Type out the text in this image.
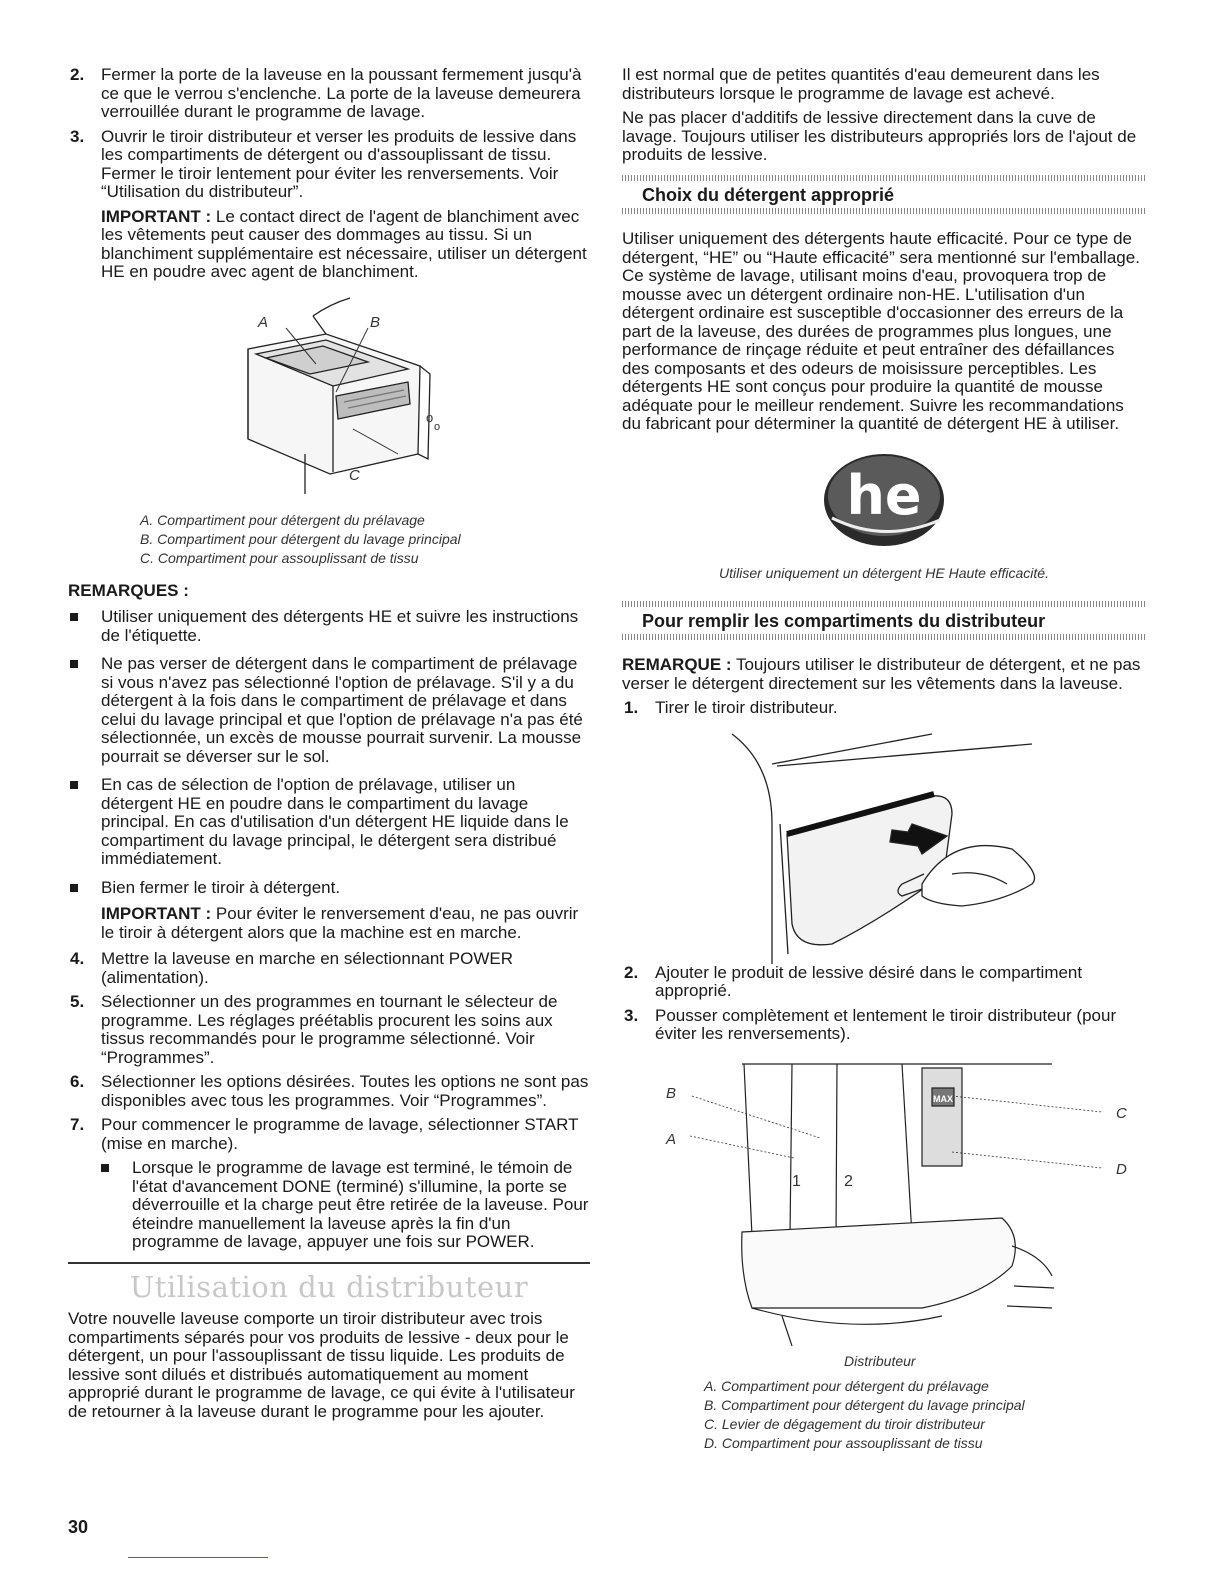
2. Fermer la porte de la laveuse en la poussant fermement jusqu'à ce que le verrou s'enclenche. La porte de la laveuse demeurera verrouillée durant le programme de lavage.
3. Ouvrir le tiroir distributeur et verser les produits de lessive dans les compartiments de détergent ou d'assouplissant de tissu. Fermer le tiroir lentement pour éviter les renversements. Voir “Utilisation du distributeur”.
IMPORTANT : Le contact direct de l'agent de blanchiment avec les vêtements peut causer des dommages au tissu. Si un blanchiment supplémentaire est nécessaire, utiliser un détergent HE en poudre avec agent de blanchiment.
o
o
A	B
C
A. Compartiment pour détergent du prélavage
B. Compartiment pour détergent du lavage principal
C. Compartiment pour assouplissant de tissu
REMARQUES :
Utiliser uniquement des détergents HE et suivre les instructions de l'étiquette.
Ne pas verser de détergent dans le compartiment de prélavage si vous n'avez pas sélectionné l'option de prélavage. S'il y a du détergent à la fois dans le compartiment de prélavage et dans celui du lavage principal et que l'option de prélavage n'a pas été sélectionnée, un excès de mousse pourrait survenir. La mousse pourrait se déverser sur le sol.
En cas de sélection de l'option de prélavage, utiliser un détergent HE en poudre dans le compartiment du lavage principal. En cas d'utilisation d'un détergent HE liquide dans le compartiment du lavage principal, le détergent sera distribué immédiatement.
Bien fermer le tiroir à détergent.
IMPORTANT : Pour éviter le renversement d'eau, ne pas ouvrir le tiroir à détergent alors que la machine est en marche.
4. Mettre la laveuse en marche en sélectionnant POWER (alimentation).
5. Sélectionner un des programmes en tournant le sélecteur de programme. Les réglages préétablis procurent les soins aux tissus recommandés pour le programme sélectionné. Voir “Programmes”.
6. Sélectionner les options désirées. Toutes les options ne sont pas disponibles avec tous les programmes. Voir “Programmes”.
7. Pour commencer le programme de lavage, sélectionner START (mise en marche).
Lorsque le programme de lavage est terminé, le témoin de l'état d'avancement DONE (terminé) s'illumine, la porte se déverrouille et la charge peut être retirée de la laveuse. Pour éteindre manuellement la laveuse après la fin d'un programme de lavage, appuyer une fois sur POWER.
Utilisation du distributeur

Votre nouvelle laveuse comporte un tiroir distributeur avec trois compartiments séparés pour vos produits de lessive - deux pour le détergent, un pour l'assouplissant de tissu liquide. Les produits de lessive sont dilués et distribués automatiquement au moment approprié durant le programme de lavage, ce qui évite à l'utilisateur de retourner à la laveuse durant le programme pour les ajouter.

Il est normal que de petites quantités d'eau demeurent dans les distributeurs lorsque le programme de lavage est achevé.

Ne pas placer d'additifs de lessive directement dans la cuve de lavage. Toujours utiliser les distributeurs appropriés lors de l'ajout de produits de lessive.

Choix du détergent approprié

Utiliser uniquement des détergents haute efficacité. Pour ce type de détergent, “HE” ou “Haute efficacité” sera mentionné sur l'emballage. Ce système de lavage, utilisant moins d'eau, provoquera trop de mousse avec un détergent ordinaire non-HE. L'utilisation d'un détergent ordinaire est susceptible d'occasionner des erreurs de la part de la laveuse, des durées de programmes plus longues, une performance de rinçage réduite et peut entraîner des défaillances des composants et des odeurs de moisissure perceptibles. Les détergents HE sont conçus pour produire la quantité de mousse adéquate pour le meilleur rendement. Suivre les recommandations du fabricant pour déterminer la quantité de détergent HE à utiliser.

he
Utiliser uniquement un détergent HE Haute efficacité.
Pour remplir les compartiments du distributeur

REMARQUE : Toujours utiliser le distributeur de détergent, et ne pas verser le détergent directement sur les vêtements dans la laveuse.

1. Tirer le tiroir distributeur.
2. Ajouter le produit de lessive désiré dans le compartiment approprié.
3. Pousser complètement et lentement le tiroir distributeur (pour éviter les renversements).
B
A
C
D
1	2
MAX
Distributeur
A. Compartiment pour détergent du prélavage
B. Compartiment pour détergent du lavage principal
C. Levier de dégagement du tiroir distributeur
D. Compartiment pour assouplissant de tissu
30
